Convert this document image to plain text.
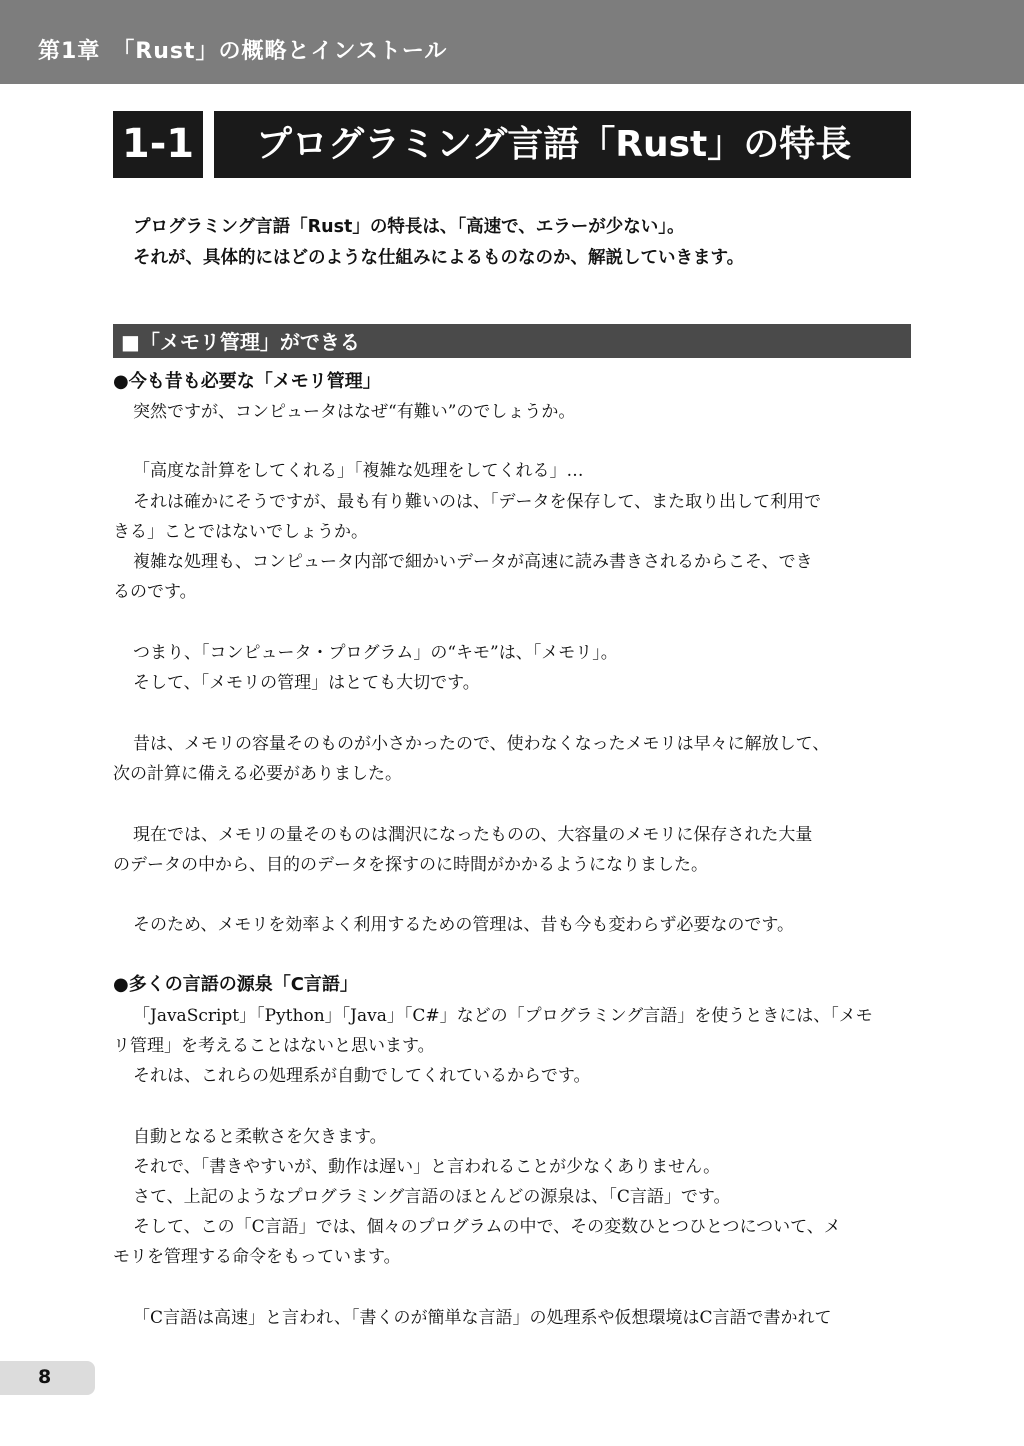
第1章　「Rust」の概略とインストール
1-1	プログラミング言語「Rust」の特長
プログラミング言語「Rust」の特長は、「高速で、エラーが少ない」。
それが、具体的にはどのような仕組みによるものなのか、解説していきます。
■「メモリ管理」ができる
●今も昔も必要な「メモリ管理」
突然ですが、コンピュータはなぜ“有難い”のでしょうか。
「高度な計算をしてくれる」「複雑な処理をしてくれる」…
それは確かにそうですが、最も有り難いのは、「データを保存して、また取り出して利用で
きる」ことではないでしょうか。
複雑な処理も、コンピュータ内部で細かいデータが高速に読み書きされるからこそ、でき
るのです。
つまり、「コンピュータ・プログラム」の“キモ”は、「メモリ」。
そして、「メモリの管理」はとても大切です。
昔は、メモリの容量そのものが小さかったので、使わなくなったメモリは早々に解放して、
次の計算に備える必要がありました。
現在では、メモリの量そのものは潤沢になったものの、大容量のメモリに保存された大量
のデータの中から、目的のデータを探すのに時間がかかるようになりました。
そのため、メモリを効率よく利用するための管理は、昔も今も変わらず必要なのです。
●多くの言語の源泉「C言語」
「JavaScript」「Python」「Java」「C#」などの「プログラミング言語」を使うときには、「メモ
リ管理」を考えることはないと思います。
それは、これらの処理系が自動でしてくれているからです。
自動となると柔軟さを欠きます。
それで、「書きやすいが、動作は遅い」と言われることが少なくありません。
さて、上記のようなプログラミング言語のほとんどの源泉は、「C言語」です。
そして、この「C言語」では、個々のプログラムの中で、その変数ひとつひとつについて、メ
モリを管理する命令をもっています。
「C言語は高速」と言われ、「書くのが簡単な言語」の処理系や仮想環境はC言語で書かれて
8
